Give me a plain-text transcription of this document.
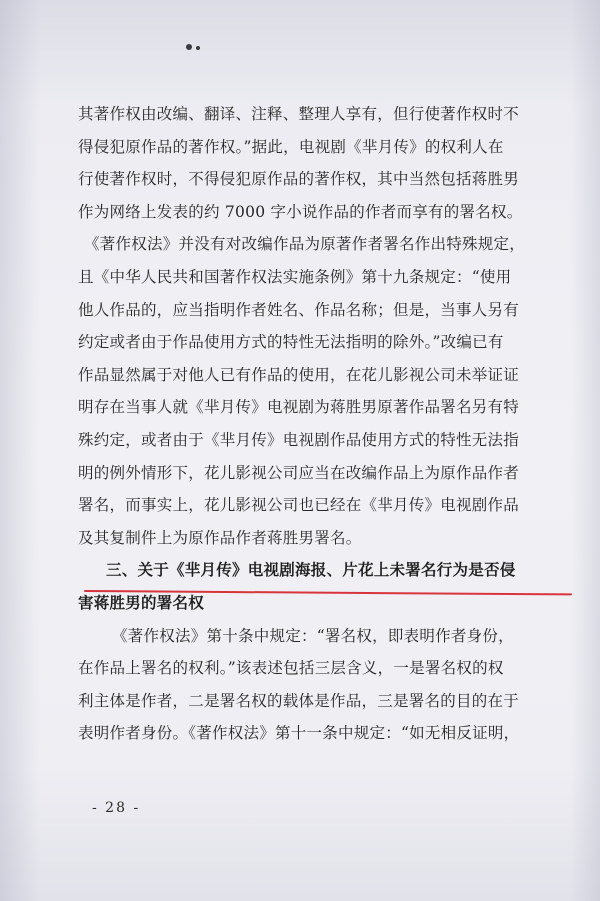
其著作权由改编、翻译、注释、整理人享有，但行使著作权时不
得侵犯原作品的著作权。”据此，电视剧《芈月传》的权利人在
行使著作权时，不得侵犯原作品的著作权，其中当然包括蒋胜男
作为网络上发表的约 7000 字小说作品的作者而享有的署名权。
《著作权法》并没有对改编作品为原著作者署名作出特殊规定，
且《中华人民共和国著作权法实施条例》第十九条规定：“使用
他人作品的，应当指明作者姓名、作品名称；但是，当事人另有
约定或者由于作品使用方式的特性无法指明的除外。”改编已有
作品显然属于对他人已有作品的使用，在花儿影视公司未举证证
明存在当事人就《芈月传》电视剧为蒋胜男原著作品署名另有特
殊约定，或者由于《芈月传》电视剧作品使用方式的特性无法指
明的例外情形下，花儿影视公司应当在改编作品上为原作品作者
署名，而事实上，花儿影视公司也已经在《芈月传》电视剧作品
及其复制件上为原作品作者蒋胜男署名。
三、关于《芈月传》电视剧海报、片花上未署名行为是否侵
害蒋胜男的署名权
《著作权法》第十条中规定：“署名权，即表明作者身份，
在作品上署名的权利。”该表述包括三层含义，一是署名权的权
利主体是作者，二是署名权的载体是作品，三是署名的目的在于
表明作者身份。《著作权法》第十一条中规定：“如无相反证明，
- 28 -
